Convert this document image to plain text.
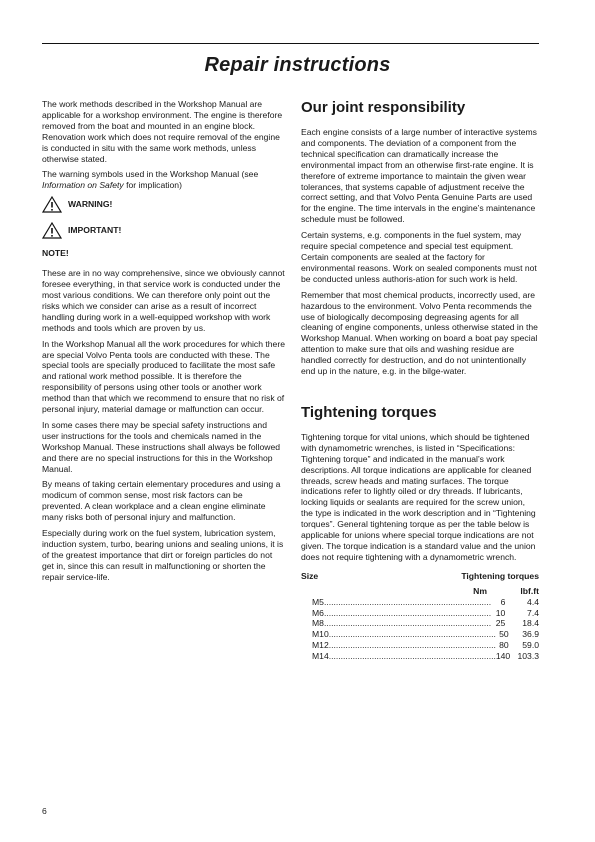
Repair instructions

The work methods described in the Workshop Manual are applicable for a workshop environment. The engine is therefore removed from the boat and mounted in an engine block. Renovation work which does not require removal of the engine is conducted in situ with the same work methods, unless otherwise stated.

The warning symbols used in the Workshop Manual (see Information on Safety for implication)

WARNING!
IMPORTANT!
NOTE!

These are in no way comprehensive, since we obviously cannot foresee everything, in that service work is conducted under the most various conditions. We can therefore only point out the risks which we consider can arise as a result of incorrect handling during work in a well-equipped workshop with work methods and tools which are proven by us.

In the Workshop Manual all the work procedures for which there are special Volvo Penta tools are conducted with these. The special tools are specially produced to facilitate the most safe and rational work method possible. It is therefore the responsibility of persons using other tools or another work method than that which we recommend to ensure that no risk of personal injury, material damage or malfunction can occur.

In some cases there may be special safety instructions and user instructions for the tools and chemicals named in the Workshop Manual. These instructions shall always be followed and there are no special instructions for this in the Workshop Manual.

By means of taking certain elementary procedures and using a modicum of common sense, most risk factors can be prevented. A clean workplace and a clean engine eliminate many risks both of personal injury and malfunction.

Especially during work on the fuel system, lubrication system, induction system, turbo, bearing unions and sealing unions, it is of the greatest importance that dirt or foreign particles do not get in, since this can result in malfunctioning or shorten the repair service-life.

Our joint responsibility

Each engine consists of a large number of interactive systems and components. The deviation of a component from the technical specification can dramatically increase the environmental impact from an otherwise first-rate engine. It is therefore of extreme importance to maintain the given wear tolerances, that systems capable of adjustment receive the correct setting, and that Volvo Penta Genuine Parts are used for the engine. The time intervals in the engine’s maintenance schedule must be followed.

Certain systems, e.g. components in the fuel system, may require special competence and special test equipment. Certain components are sealed at the factory for environmental reasons. Work on sealed components must not be conducted unless authoris-ation for such work is held.

Remember that most chemical products, incorrectly used, are hazardous to the environment. Volvo Penta recommends the use of biologically decomposing degreasing agents for all cleaning of engine components, unless otherwise stated in the Workshop Manual. When working on board a boat pay special attention to make sure that oils and washing residue are handled correctly for destruction, and do not unintentionally end up in the nature, e.g. in the bilge-water.

Tightening torques

Tightening torque for vital unions, which should be tightened with dynamometric wrenches, is listed in “Specifications: Tightening torque” and indicated in the manual’s work descriptions. All torque indications are applicable for cleaned threads, screw heads and mating surfaces. The torque indications refer to lightly oiled or dry threads. If lubricants, locking liquids or sealants are required for the screw union, the type is indicated in the work description and in “Tightening torques”. General tightening torque as per the table below is applicable for unions where special torque indications are not given. The torque indication is a standard value and the union does not require tightening with a dynamometric wrench.

Size	Tightening torques
Nm	lbf.ft
M5 ......................................................................	6	4.4
M6 ...................................................................... 10	7.4
M8 ...................................................................... 25	18.4
M10 ...................................................................... 50	36.9
M12 ...................................................................... 80	59.0
M14 ...................................................................... 140 103.3
6
